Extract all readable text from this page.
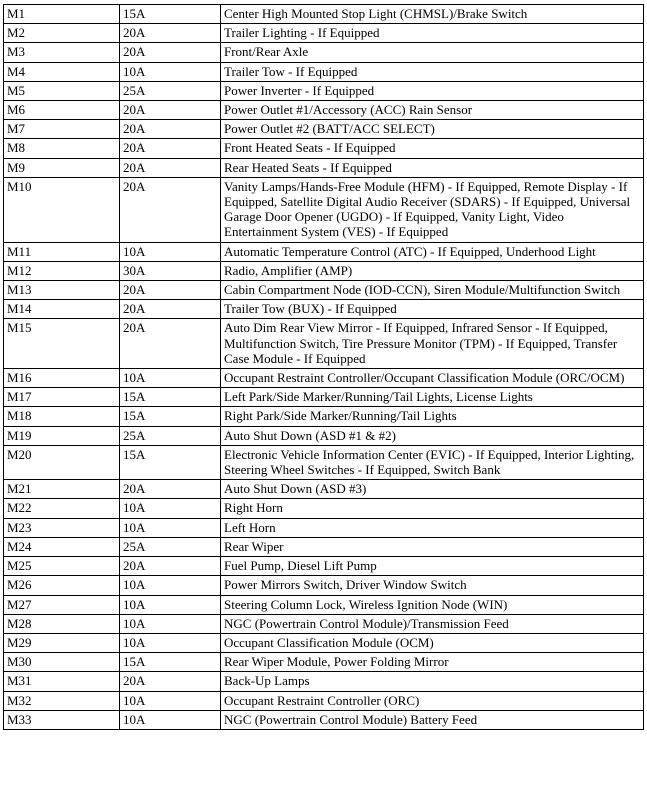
M1	15A	Center High Mounted Stop Light (CHMSL)/Brake Switch
M2	20A	Trailer Lighting - If Equipped
M3	20A	Front/Rear Axle
M4	10A	Trailer Tow - If Equipped
M5	25A	Power Inverter - If Equipped
M6	20A	Power Outlet #1/Accessory (ACC) Rain Sensor
M7	20A	Power Outlet #2 (BATT/ACC SELECT)
M8	20A	Front Heated Seats - If Equipped
M9	20A	Rear Heated Seats - If Equipped
M10	20A	Vanity Lamps/Hands-Free Module (HFM) - If Equipped, Remote Display - If Equipped, Satellite Digital Audio Receiver (SDARS) - If Equipped, Universal Garage Door Opener (UGDO) - If Equipped, Vanity Light, Video Entertainment System (VES) - If Equipped
M11	10A	Automatic Temperature Control (ATC) - If Equipped, Underhood Light
M12	30A	Radio, Amplifier (AMP)
M13	20A	Cabin Compartment Node (IOD-CCN), Siren Module/Multifunction Switch
M14	20A	Trailer Tow (BUX) - If Equipped
M15	20A	Auto Dim Rear View Mirror - If Equipped, Infrared Sensor - If Equipped, Multifunction Switch, Tire Pressure Monitor (TPM) - If Equipped, Transfer Case Module - If Equipped
M16	10A	Occupant Restraint Controller/Occupant Classification Module (ORC/OCM)
M17	15A	Left Park/Side Marker/Running/Tail Lights, License Lights
M18	15A	Right Park/Side Marker/Running/Tail Lights
M19	25A	Auto Shut Down (ASD #1 & #2)
M20	15A	Electronic Vehicle Information Center (EVIC) - If Equipped, Interior Lighting, Steering Wheel Switches - If Equipped, Switch Bank
M21	20A	Auto Shut Down (ASD #3)
M22	10A	Right Horn
M23	10A	Left Horn
M24	25A	Rear Wiper
M25	20A	Fuel Pump, Diesel Lift Pump
M26	10A	Power Mirrors Switch, Driver Window Switch
M27	10A	Steering Column Lock, Wireless Ignition Node (WIN)
M28	10A	NGC (Powertrain Control Module)/Transmission Feed
M29	10A	Occupant Classification Module (OCM)
M30	15A	Rear Wiper Module, Power Folding Mirror
M31	20A	Back-Up Lamps
M32	10A	Occupant Restraint Controller (ORC)
M33	10A	NGC (Powertrain Control Module) Battery Feed
